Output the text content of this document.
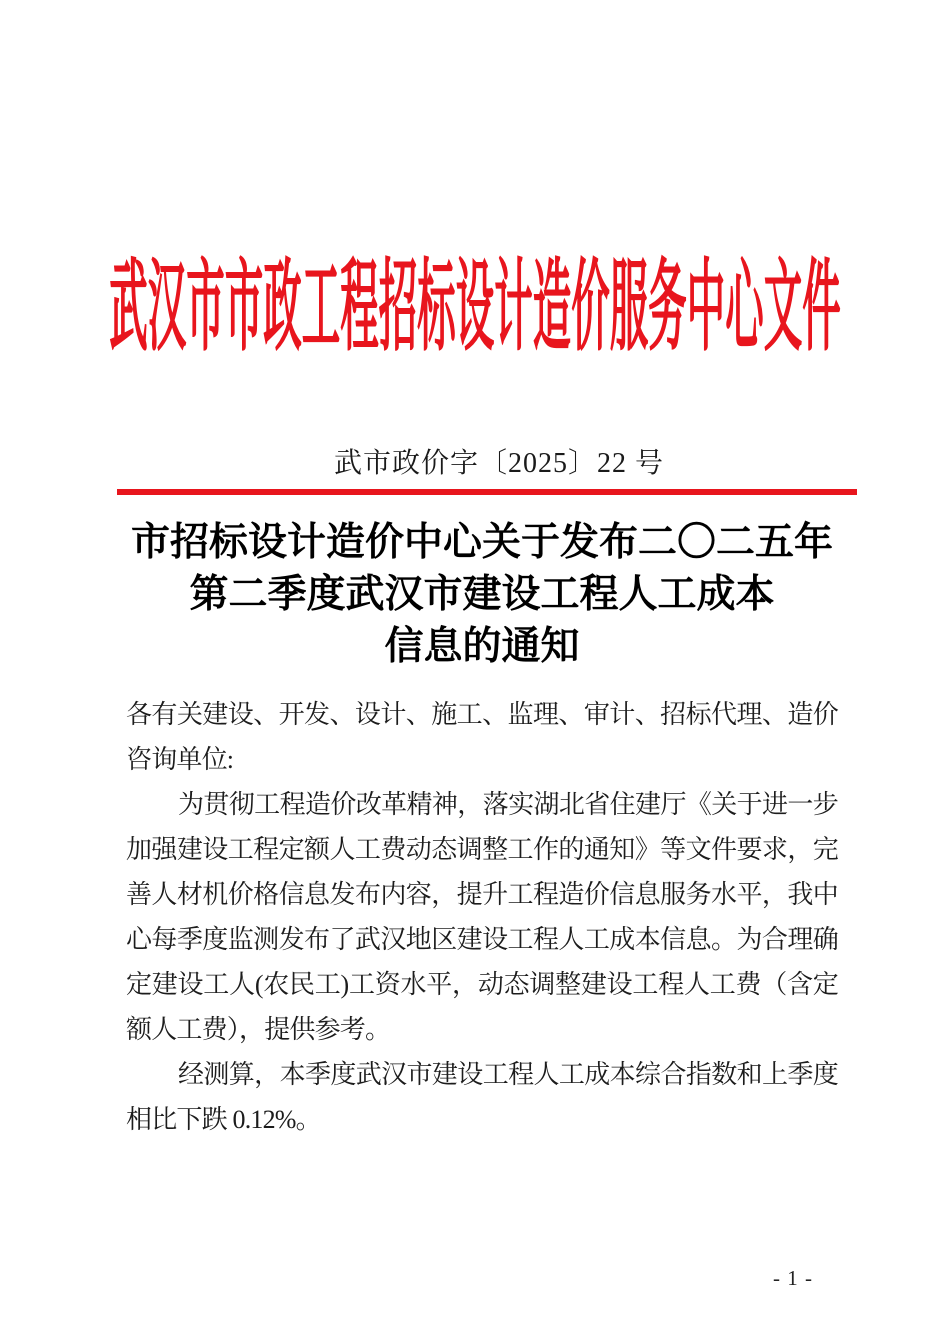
武汉市市政工程招标设计造价服务中心文件
武市政价字〔2025〕22 号
市招标设计造价中心关于发布二〇二五年
第二季度武汉市建设工程人工成本
信息的通知
各有关建设、开发、设计、施工、监理、审计、招标代理、造价
咨询单位:
为贯彻工程造价改革精神，落实湖北省住建厅《关于进一步
加强建设工程定额人工费动态调整工作的通知》等文件要求，完
善人材机价格信息发布内容，提升工程造价信息服务水平，我中
心每季度监测发布了武汉地区建设工程人工成本信息。为合理确
定建设工人(农民工)工资水平，动态调整建设工程人工费（含定
额人工费），提供参考。
经测算，本季度武汉市建设工程人工成本综合指数和上季度
相比下跌 0.12%。
- 1 -
